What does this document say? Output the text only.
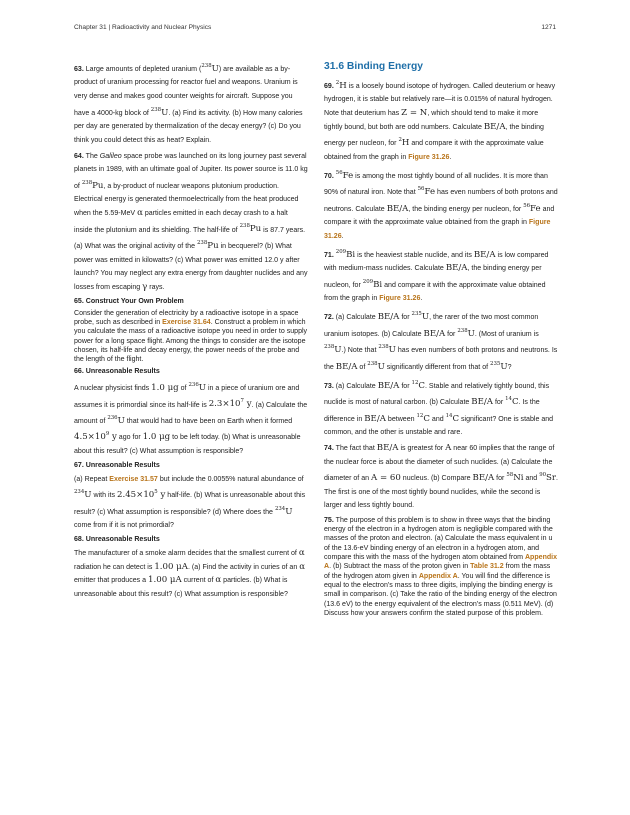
Chapter 31 | Radioactivity and Nuclear Physics	1271

63. Large amounts of depleted uranium ($^{238}$U) are available as a by-product of uranium processing for reactor fuel and weapons. Uranium is very dense and makes good counter weights for aircraft. Suppose you have a 4000-kg block of $^{238}$U. (a) Find its activity. (b) How many calories per day are generated by thermalization of the decay energy? (c) Do you think you could detect this as heat? Explain.

64. The Galileo space probe was launched on its long journey past several planets in 1989, with an ultimate goal of Jupiter. Its power source is 11.0 kg of $^{238}$Pu, a by-product of nuclear weapons plutonium production. Electrical energy is generated thermoelectrically from the heat produced when the 5.59-MeV α particles emitted in each decay crash to a halt inside the plutonium and its shielding. The half-life of $^{238}$Pu is 87.7 years. (a) What was the original activity of the $^{238}$Pu in becquerel? (b) What power was emitted in kilowatts? (c) What power was emitted 12.0 y after launch? You may neglect any extra energy from daughter nuclides and any losses from escaping γ rays.

65. Construct Your Own Problem

Consider the generation of electricity by a radioactive isotope in a space probe, such as described in Exercise 31.64. Construct a problem in which you calculate the mass of a radioactive isotope you need in order to supply power for a long space flight. Among the things to consider are the isotope chosen, its half-life and decay energy, the power needs of the probe and the length of the flight.

66. Unreasonable Results

A nuclear physicist finds 1.0 μg of $^{236}$U in a piece of uranium ore and assumes it is primordial since its half-life is $2.3\times 10^7$ y. (a) Calculate the amount of $^{236}$U that would had to have been on Earth when it formed $4.5\times 10^9$ y ago for 1.0 μg to be left today. (b) What is unreasonable about this result? (c) What assumption is responsible?

67. Unreasonable Results

(a) Repeat Exercise 31.57 but include the 0.0055% natural abundance of $^{234}$U with its $2.45\times 10^5$ y half-life. (b) What is unreasonable about this result? (c) What assumption is responsible? (d) Where does the $^{234}$U come from if it is not primordial?

68. Unreasonable Results

The manufacturer of a smoke alarm decides that the smallest current of α radiation he can detect is 1.00 μA. (a) Find the activity in curies of an α emitter that produces a 1.00 μA current of α particles. (b) What is unreasonable about this result? (c) What assumption is responsible?

31.6 Binding Energy

69. $^2$H is a loosely bound isotope of hydrogen. Called deuterium or heavy hydrogen, it is stable but relatively rare—it is 0.015% of natural hydrogen. Note that deuterium has Z = N, which should tend to make it more tightly bound, but both are odd numbers. Calculate BE/A, the binding energy per nucleon, for $^2$H and compare it with the approximate value obtained from the graph in Figure 31.26.

70. $^{56}$Fe is among the most tightly bound of all nuclides. It is more than 90% of natural iron. Note that $^{56}$Fe has even numbers of both protons and neutrons. Calculate BE/A, the binding energy per nucleon, for $^{56}$Fe and compare it with the approximate value obtained from the graph in Figure 31.26.

71. $^{209}$Bi is the heaviest stable nuclide, and its BE/A is low compared with medium-mass nuclides. Calculate BE/A, the binding energy per nucleon, for $^{209}$Bi and compare it with the approximate value obtained from the graph in Figure 31.26.

72. (a) Calculate BE/A for $^{235}$U, the rarer of the two most common uranium isotopes. (b) Calculate BE/A for $^{238}$U. (Most of uranium is $^{238}$U.) Note that $^{238}$U has even numbers of both protons and neutrons. Is the BE/A of $^{238}$U significantly different from that of $^{235}$U?

73. (a) Calculate BE/A for $^{12}$C. Stable and relatively tightly bound, this nuclide is most of natural carbon. (b) Calculate BE/A for $^{14}$C. Is the difference in BE/A between $^{12}$C and $^{14}$C significant? One is stable and common, and the other is unstable and rare.

74. The fact that BE/A is greatest for A near 60 implies that the range of the nuclear force is about the diameter of such nuclides. (a) Calculate the diameter of an A = 60 nucleus. (b) Compare BE/A for $^{58}$Ni and $^{90}$Sr. The first is one of the most tightly bound nuclides, while the second is larger and less tightly bound.

75. The purpose of this problem is to show in three ways that the binding energy of the electron in a hydrogen atom is negligible compared with the masses of the proton and electron. (a) Calculate the mass equivalent in u of the 13.6-eV binding energy of an electron in a hydrogen atom, and compare this with the mass of the hydrogen atom obtained from Appendix A. (b) Subtract the mass of the proton given in Table 31.2 from the mass of the hydrogen atom given in Appendix A. You will find the difference is equal to the electron’s mass to three digits, implying the binding energy is small in comparison. (c) Take the ratio of the binding energy of the electron (13.6 eV) to the energy equivalent of the electron’s mass (0.511 MeV). (d) Discuss how your answers confirm the stated purpose of this problem.
